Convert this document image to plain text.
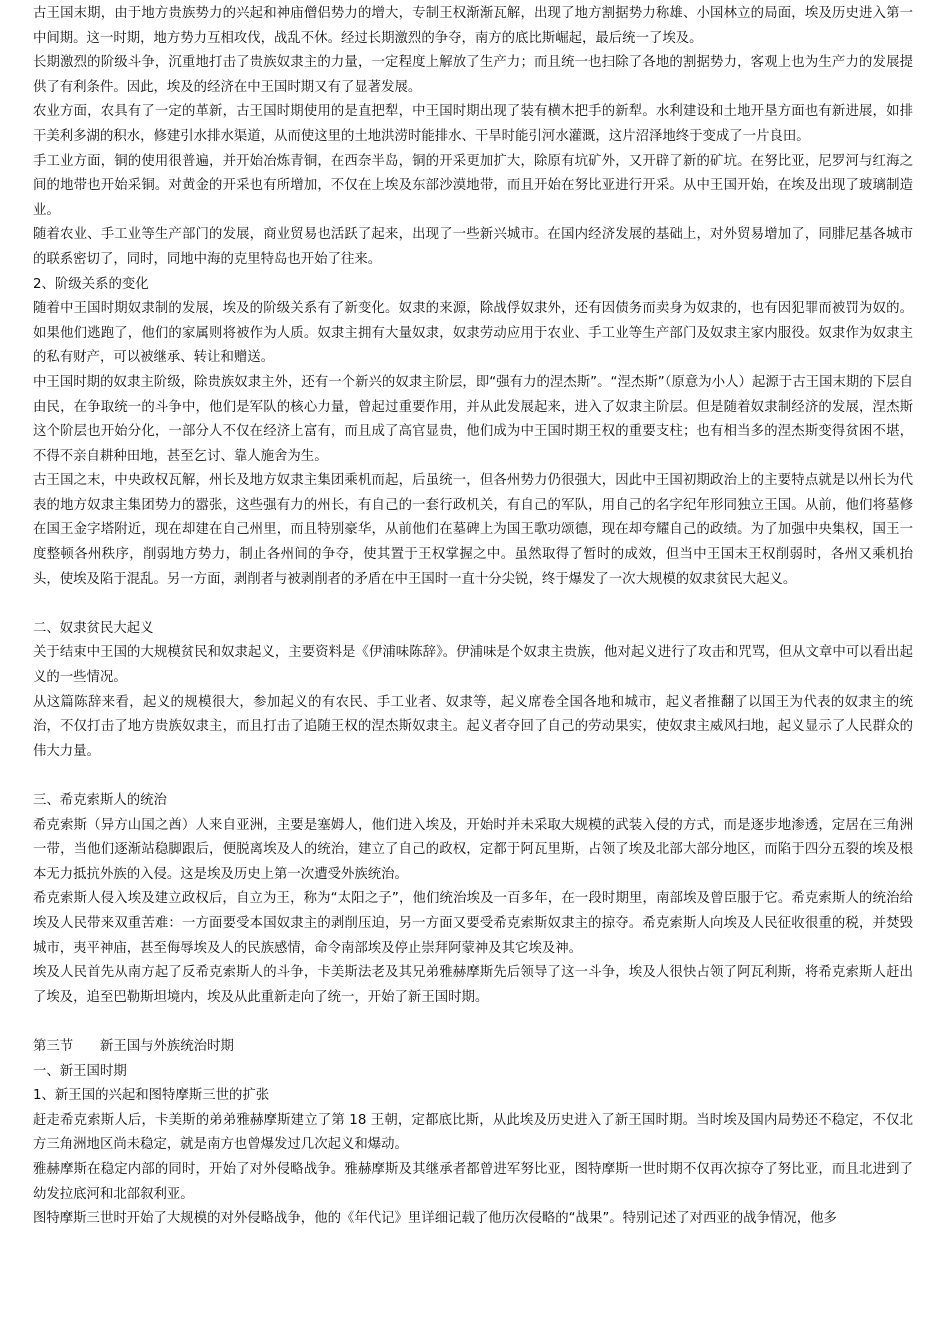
古王国末期，由于地方贵族势力的兴起和神庙僧侣势力的增大，专制王权渐渐瓦解，出现了地方割据势力称雄、小国林立的局面，埃及历史进入第一中间期。这一时期，地方势力互相攻伐，战乱不休。经过长期激烈的争夺，南方的底比斯崛起，最后统一了埃及。

长期激烈的阶级斗争，沉重地打击了贵族奴隶主的力量，一定程度上解放了生产力；而且统一也扫除了各地的割据势力，客观上也为生产力的发展提供了有利条件。因此，埃及的经济在中王国时期又有了显著发展。

农业方面，农具有了一定的革新，古王国时期使用的是直把犁，中王国时期出现了装有横木把手的新犁。水利建设和土地开垦方面也有新进展，如排干美利多湖的积水，修建引水排水渠道，从而使这里的土地洪涝时能排水、干旱时能引河水灌溉，这片沼泽地终于变成了一片良田。

手工业方面，铜的使用很普遍，并开始冶炼青铜，在西奈半岛，铜的开采更加扩大，除原有坑矿外，又开辟了新的矿坑。在努比亚，尼罗河与红海之间的地带也开始采铜。对黄金的开采也有所增加，不仅在上埃及东部沙漠地带，而且开始在努比亚进行开采。从中王国开始，在埃及出现了玻璃制造业。

随着农业、手工业等生产部门的发展，商业贸易也活跃了起来，出现了一些新兴城市。在国内经济发展的基础上，对外贸易增加了，同腓尼基各城市的联系密切了，同时，同地中海的克里特岛也开始了往来。

2、阶级关系的变化

随着中王国时期奴隶制的发展，埃及的阶级关系有了新变化。奴隶的来源，除战俘奴隶外，还有因债务而卖身为奴隶的，也有因犯罪而被罚为奴的。如果他们逃跑了，他们的家属则将被作为人质。奴隶主拥有大量奴隶，奴隶劳动应用于农业、手工业等生产部门及奴隶主家内服役。奴隶作为奴隶主的私有财产，可以被继承、转让和赠送。

中王国时期的奴隶主阶级，除贵族奴隶主外，还有一个新兴的奴隶主阶层，即“强有力的涅杰斯”。“涅杰斯”（原意为小人）起源于古王国末期的下层自由民，在争取统一的斗争中，他们是军队的核心力量，曾起过重要作用，并从此发展起来，进入了奴隶主阶层。但是随着奴隶制经济的发展，涅杰斯这个阶层也开始分化，一部分人不仅在经济上富有，而且成了高官显贵，他们成为中王国时期王权的重要支柱；也有相当多的涅杰斯变得贫困不堪，不得不亲自耕种田地，甚至乞讨、靠人施舍为生。

古王国之末，中央政权瓦解，州长及地方奴隶主集团乘机而起，后虽统一，但各州势力仍很强大，因此中王国初期政治上的主要特点就是以州长为代表的地方奴隶主集团势力的嚣张，这些强有力的州长，有自己的一套行政机关，有自己的军队，用自己的名字纪年形同独立王国。从前，他们将墓修在国王金字塔附近，现在却建在自己州里，而且特别豪华，从前他们在墓碑上为国王歌功颂德，现在却夸耀自己的政绩。为了加强中央集权，国王一度整顿各州秩序，削弱地方势力，制止各州间的争夺，使其置于王权掌握之中。虽然取得了暂时的成效，但当中王国末王权削弱时，各州又乘机抬头，使埃及陷于混乱。另一方面，剥削者与被剥削者的矛盾在中王国时一直十分尖锐，终于爆发了一次大规模的奴隶贫民大起义。

二、奴隶贫民大起义

关于结束中王国的大规模贫民和奴隶起义，主要资料是《伊浦味陈辞》。伊浦味是个奴隶主贵族，他对起义进行了攻击和咒骂，但从文章中可以看出起义的一些情况。

从这篇陈辞来看，起义的规模很大，参加起义的有农民、手工业者、奴隶等，起义席卷全国各地和城市，起义者推翻了以国王为代表的奴隶主的统治，不仅打击了地方贵族奴隶主，而且打击了追随王权的涅杰斯奴隶主。起义者夺回了自己的劳动果实，使奴隶主威风扫地，起义显示了人民群众的伟大力量。

三、希克索斯人的统治

希克索斯（异方山国之酋）人来自亚洲，主要是塞姆人，他们进入埃及，开始时并未采取大规模的武装入侵的方式，而是逐步地渗透，定居在三角洲一带，当他们逐渐站稳脚跟后，便脱离埃及人的统治，建立了自己的政权，定都于阿瓦里斯，占领了埃及北部大部分地区，而陷于四分五裂的埃及根本无力抵抗外族的入侵。这是埃及历史上第一次遭受外族统治。

希克索斯人侵入埃及建立政权后，自立为王，称为“太阳之子”，他们统治埃及一百多年，在一段时期里，南部埃及曾臣服于它。希克索斯人的统治给埃及人民带来双重苦难：一方面要受本国奴隶主的剥削压迫，另一方面又要受希克索斯奴隶主的掠夺。希克索斯人向埃及人民征收很重的税，并焚毁城市，夷平神庙，甚至侮辱埃及人的民族感情，命令南部埃及停止崇拜阿蒙神及其它埃及神。

埃及人民首先从南方起了反希克索斯人的斗争，卡美斯法老及其兄弟雅赫摩斯先后领导了这一斗争，埃及人很快占领了阿瓦利斯，将希克索斯人赶出了埃及，追至巴勒斯坦境内，埃及从此重新走向了统一，开始了新王国时期。

第三节　　新王国与外族统治时期

一、新王国时期

1、新王国的兴起和图特摩斯三世的扩张

赶走希克索斯人后，卡美斯的弟弟雅赫摩斯建立了第 18 王朝，定都底比斯，从此埃及历史进入了新王国时期。当时埃及国内局势还不稳定，不仅北方三角洲地区尚未稳定，就是南方也曾爆发过几次起义和爆动。

雅赫摩斯在稳定内部的同时，开始了对外侵略战争。雅赫摩斯及其继承者都曾进军努比亚，图特摩斯一世时期不仅再次掠夺了努比亚，而且北进到了幼发拉底河和北部叙利亚。

图特摩斯三世时开始了大规模的对外侵略战争，他的《年代记》里详细记载了他历次侵略的“战果”。特别记述了对西亚的战争情况，他多
